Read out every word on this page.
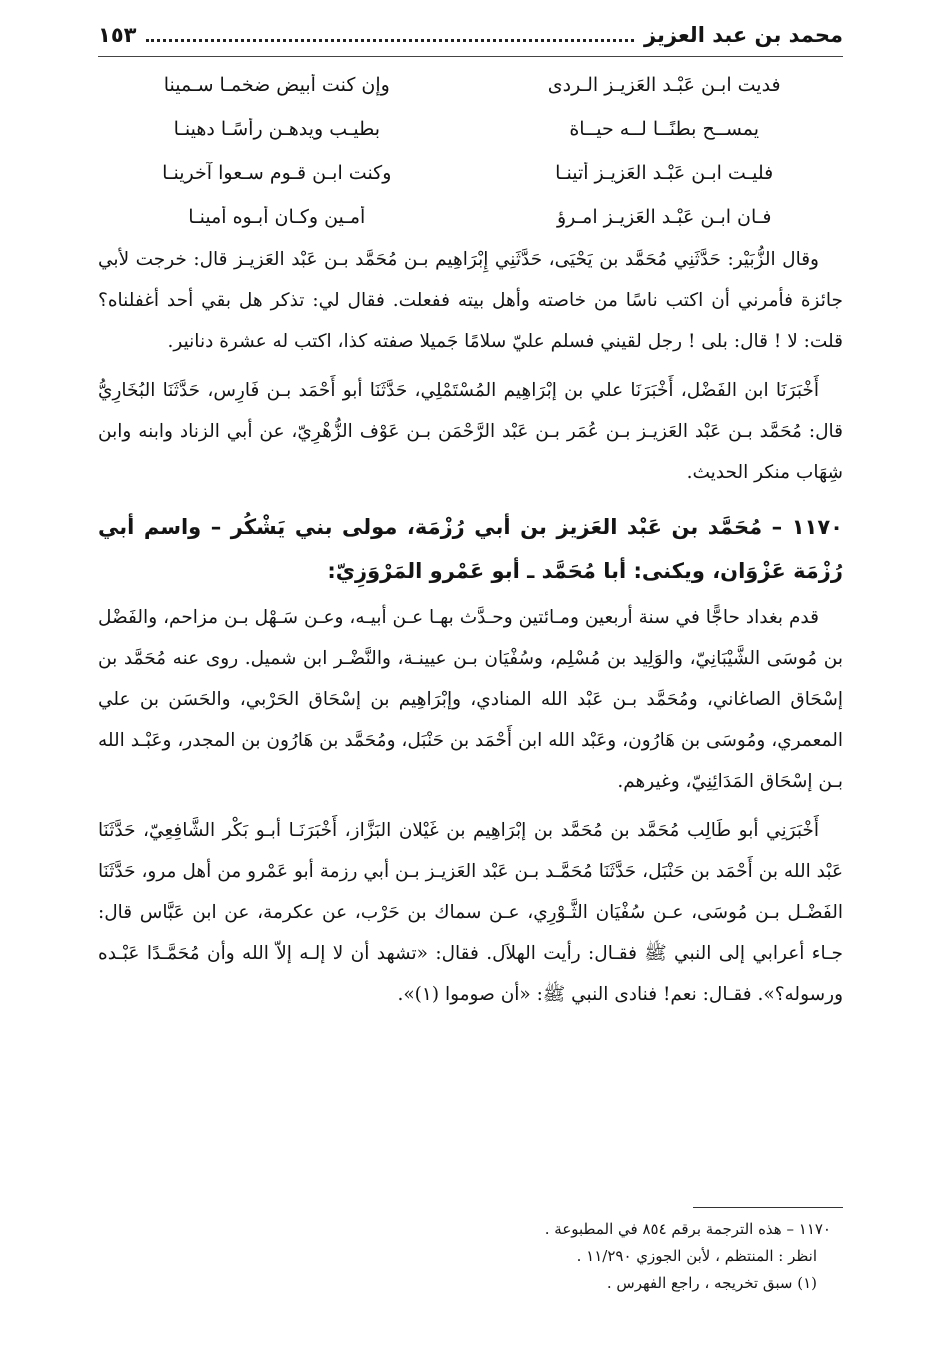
محمد بن عبد العزيز
١٥٣
فديت ابـن عَبْـد العَزيـز الـردى
وإن كنت أبيض ضخمـا سـمينا
يمســح بطنًــا لــه حيــاة
بطيـب ويدهـن رأسًـا دهينـا
فليـت ابـن عَبْـد العَزيـز أتينـا
وكنت ابـن قـوم سـعوا آخرينـا
فـان ابـن عَبْـد العَزيـز امـرؤ
أمـين وكـان أبـوه أمينـا

وقال الزُّبَيْر: حَدَّثَنِي مُحَمَّد بن يَحْيَى، حَدَّثَنِي إِبْرَاهِيم بـن مُحَمَّد بـن عَبْد العَزيـز قال: خرجت لأبي جائزة فأمرني أن اكتب ناسًا من خاصته وأهل بيته ففعلت. فقال لي: تذكر هل بقي أحد أغفلناه؟ قلت: لا ! قال: بلى ! رجل لقيني فسلم عليّ سلامًا جَميلا صفته كذا، اكتب له عشرة دنانير.

أَخْبَرَنَا ابن الفَضْل، أَخْبَرَنَا علي بن إبْرَاهِيم المُسْتَمْلِي، حَدَّثَنَا أبو أَحْمَد بـن فَارِس، حَدَّثَنَا البُخَارِيُّ قال: مُحَمَّد بـن عَبْد العَزيـز بـن عُمَر بـن عَبْد الرَّحْمَن بـن عَوْف الزُّهْرِيّ، عن أبي الزناد وابنه وابن شِهَاب منكر الحديث.

١١٧٠ – مُحَمَّد بن عَبْد العَزيز بن أبي رُزْمَة، مولى بني يَشْكُر – واسم أبي رُزْمَة عَزْوَان، ويكنى: أبا مُحَمَّد ـ أبو عَمْرو المَرْوَزِيّ:

قدم بغداد حاجًّا في سنة أربعين ومـائتين وحـدَّث بهـا عـن أبيـه، وعـن سَـهْل بـن مزاحم، والفَضْل بن مُوسَى الشَّيْبَانِيّ، والوَلِيد بن مُسْلِم، وسُفْيَان بـن عيينـة، والنَّضْـر ابن شميل. روى عنه مُحَمَّد بن إسْحَاق الصاغاني، ومُحَمَّد بـن عَبْد الله المنادي، وإبْرَاهِيم بن إسْحَاق الحَرْبي، والحَسَن بن علي المعمري، ومُوسَى بن هَارُون، وعَبْد الله ابن أَحْمَد بن حَنْبَل، ومُحَمَّد بن هَارُون بن المجدر، وعَبْـد الله بـن إسْحَاق المَدَائِنِيّ، وغيرهم.

أَخْبَرَنِي أبو طَالِب مُحَمَّد بن مُحَمَّد بن إبْرَاهِيم بن غَيْلان البَزَّاز، أَخْبَرَنَـا أبـو بَكْر الشَّافِعِيّ، حَدَّثَنَا عَبْد الله بن أَحْمَد بن حَنْبَل، حَدَّثَنَا مُحَمَّـد بـن عَبْد العَزيـز بـن أبي رزمة أبو عَمْرو من أهل مرو، حَدَّثَنَا الفَضْـل بـن مُوسَى، عـن سُفْيَان الثَّـوْرِي، عـن سماك بن حَرْب، عن عكرمة، عن ابن عَبَّاس قال: جـاء أعرابي إلى النبي ﷺ فقـال: رأيت الهلاَل. فقال: «تشهد أن لا إلـه إلاّ الله وأن مُحَمَّـدًا عَبْـده ورسوله؟». فقـال: نعم! فنادى النبي ﷺ: «أن صوموا (١)».

١١٧٠ – هذه الترجمة برقم ٨٥٤ في المطبوعة .
انظر : المنتظم ، لأبن الجوزي ١١/٢٩٠ .
(١) سبق تخريجه ، راجع الفهرس .
